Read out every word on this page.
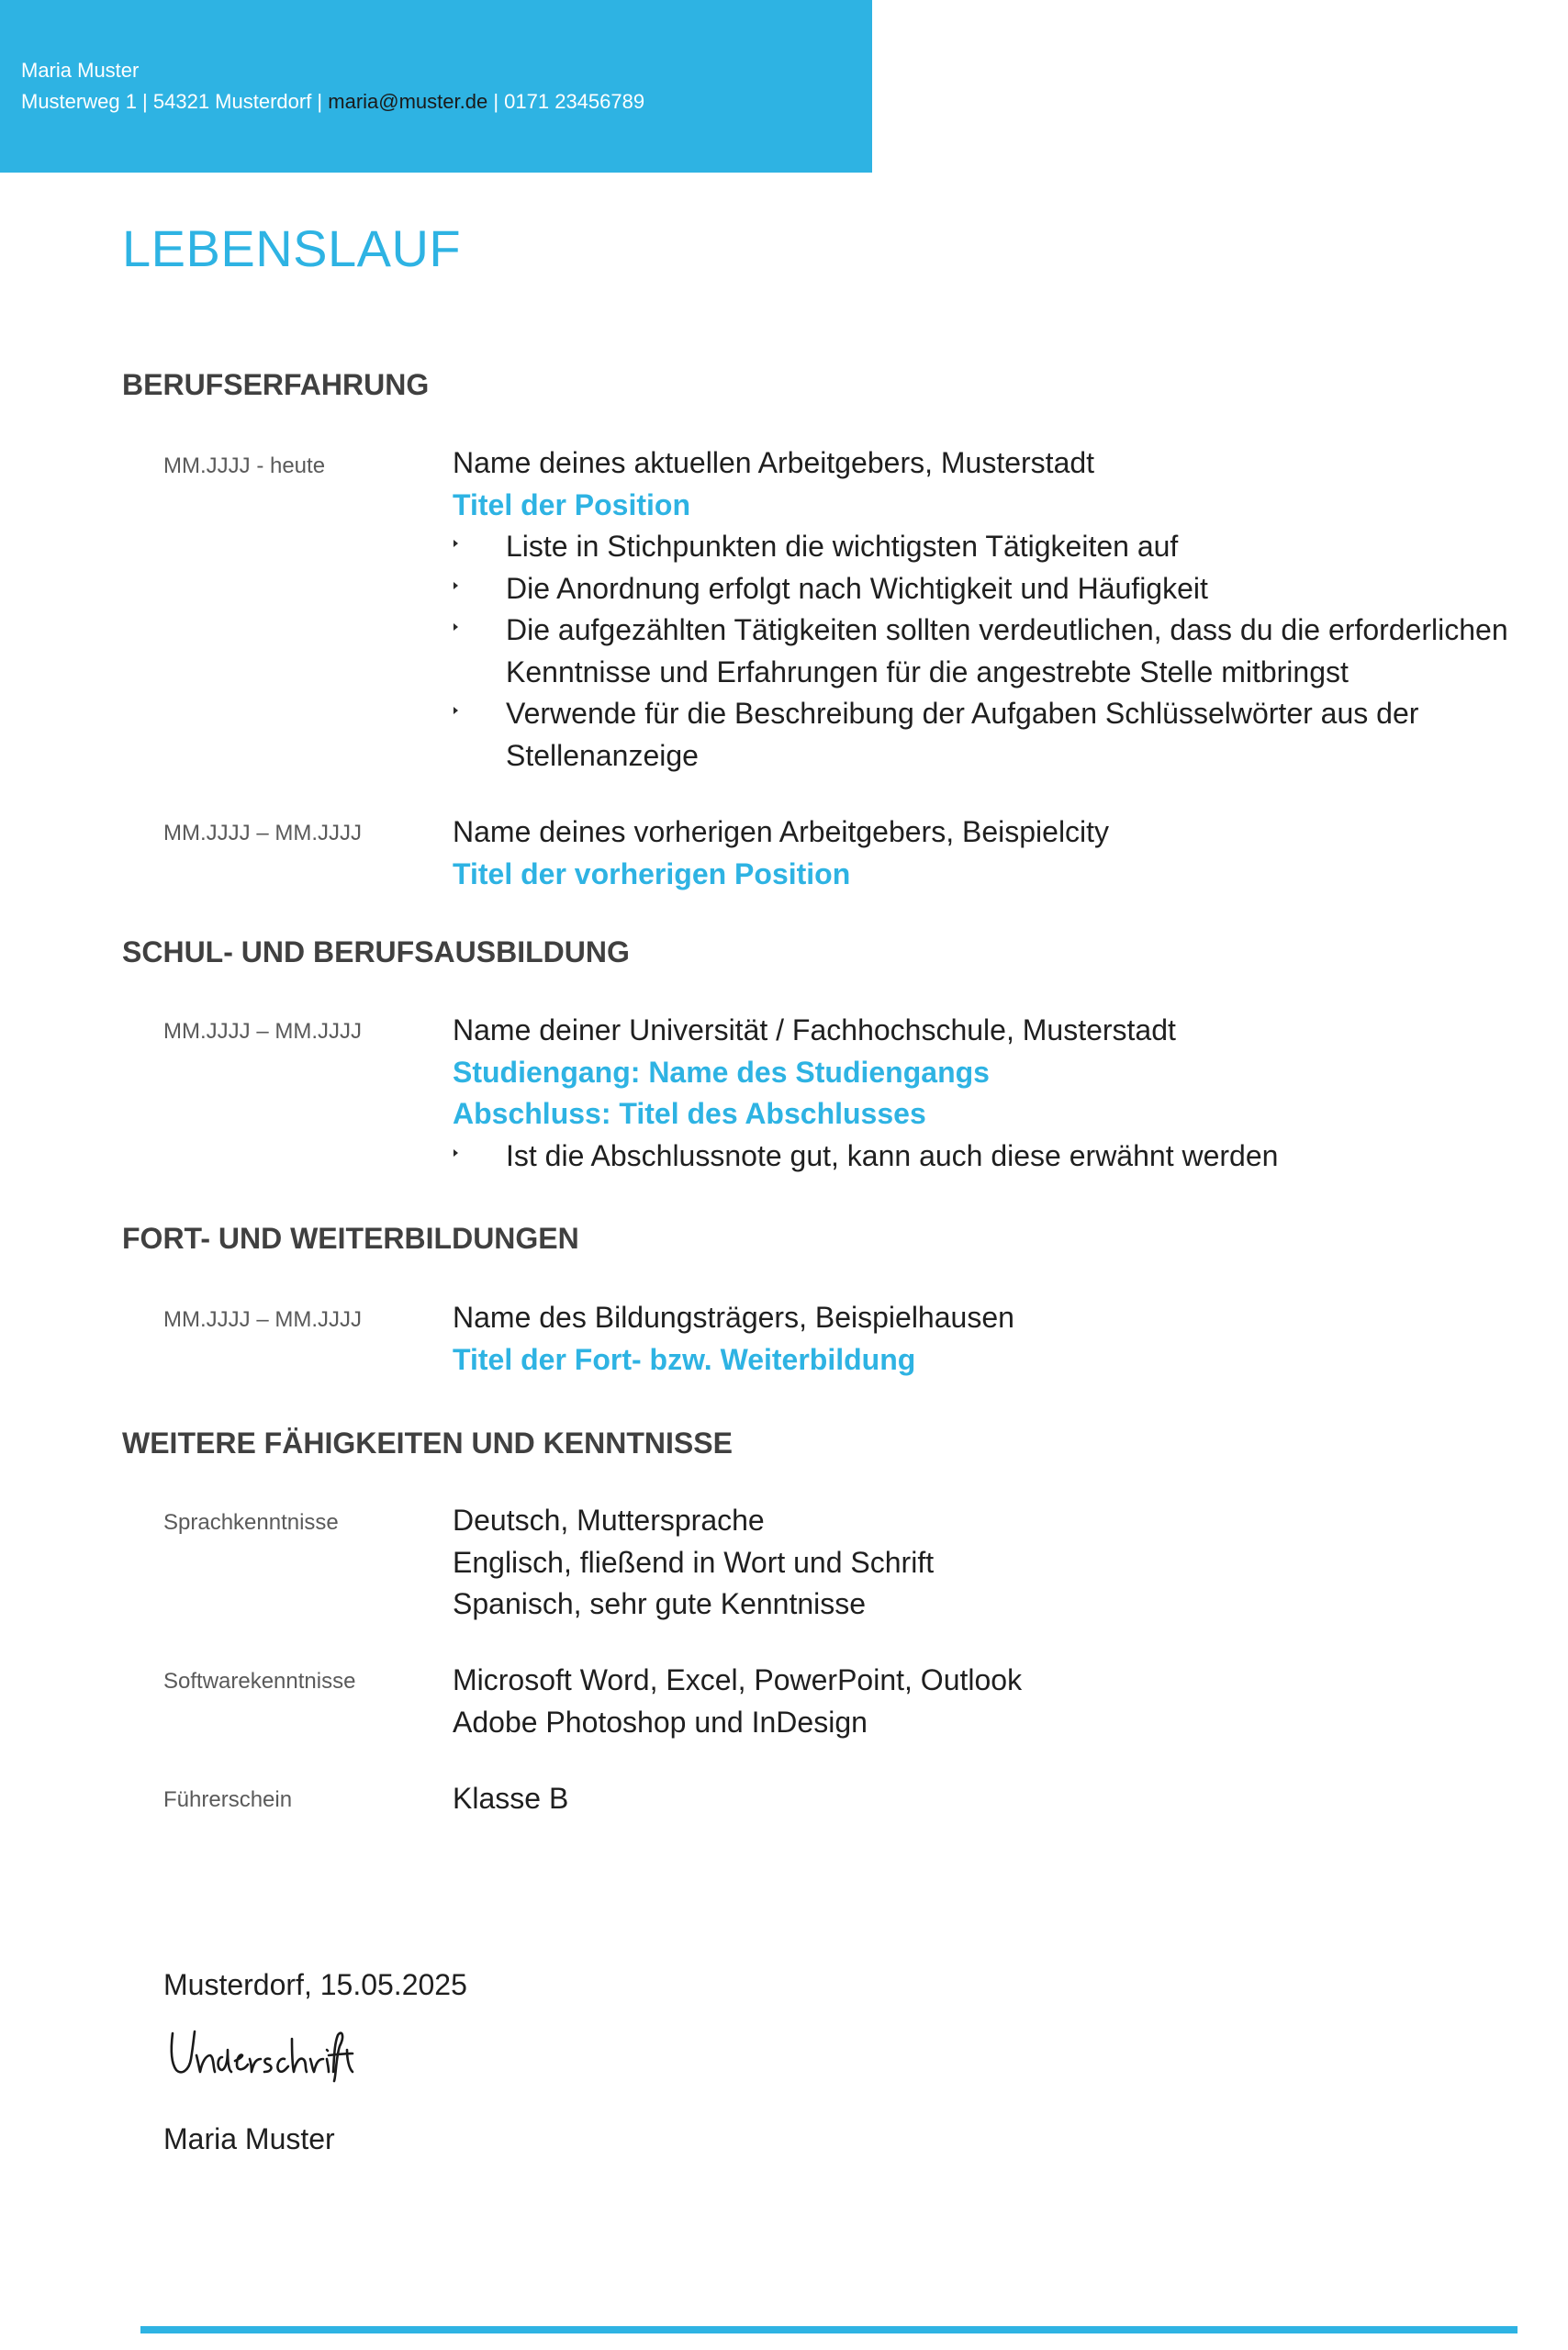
Maria Muster
Musterweg 1 | 54321 Musterdorf | maria@muster.de | 0171 23456789
LEBENSLAUF
BERUFSERFAHRUNG
MM.JJJJ - heute	Name deines aktuellen Arbeitgebers, Musterstadt
Titel der Position
Liste in Stichpunkten die wichtigsten Tätigkeiten auf
Die Anordnung erfolgt nach Wichtigkeit und Häufigkeit
Die aufgezählten Tätigkeiten sollten verdeutlichen, dass du die erforderlichen
Kenntnisse und Erfahrungen für die angestrebte Stelle mitbringst
Verwende für die Beschreibung der Aufgaben Schlüsselwörter aus der
Stellenanzeige
MM.JJJJ – MM.JJJJ	Name deines vorherigen Arbeitgebers, Beispielcity
Titel der vorherigen Position
SCHUL- UND BERUFSAUSBILDUNG
MM.JJJJ – MM.JJJJ	Name deiner Universität / Fachhochschule, Musterstadt
Studiengang: Name des Studiengangs
Abschluss: Titel des Abschlusses
Ist die Abschlussnote gut, kann auch diese erwähnt werden
FORT- UND WEITERBILDUNGEN
MM.JJJJ – MM.JJJJ	Name des Bildungsträgers, Beispielhausen
Titel der Fort- bzw. Weiterbildung
WEITERE FÄHIGKEITEN UND KENNTNISSE
Sprachkenntnisse	Deutsch, Muttersprache
Englisch, fließend in Wort und Schrift
Spanisch, sehr gute Kenntnisse
Softwarekenntnisse	Microsoft Word, Excel, PowerPoint, Outlook
Adobe Photoshop und InDesign
Führerschein	Klasse B
Musterdorf, 15.05.2025
Maria Muster
